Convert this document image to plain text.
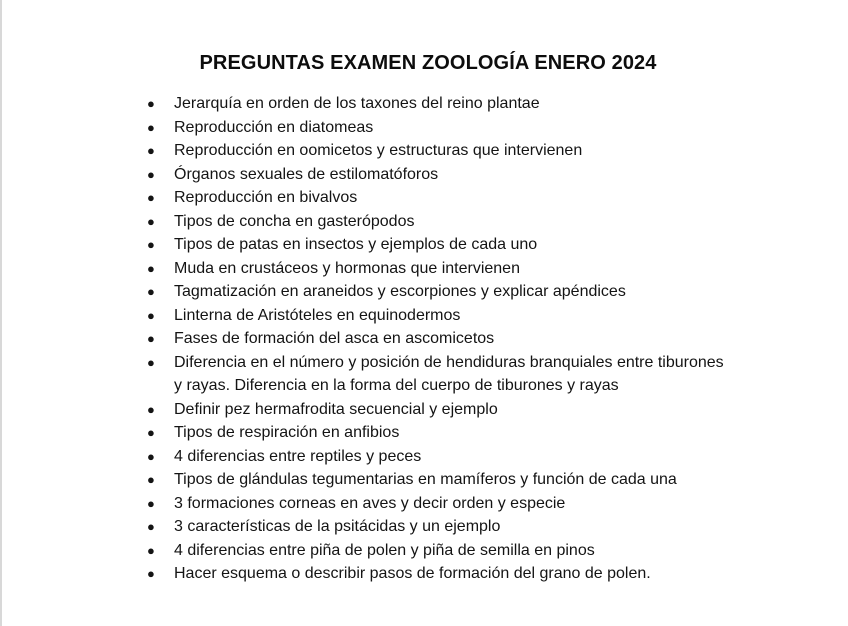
PREGUNTAS EXAMEN ZOOLOGÍA ENERO 2024
● Jerarquía en orden de los taxones del reino plantae
● Reproducción en diatomeas
● Reproducción en oomicetos y estructuras que intervienen
● Órganos sexuales de estilomatóforos
● Reproducción en bivalvos
● Tipos de concha en gasterópodos
● Tipos de patas en insectos y ejemplos de cada uno
● Muda en crustáceos y hormonas que intervienen
● Tagmatización en araneidos y escorpiones y explicar apéndices
● Linterna de Aristóteles en equinodermos
● Fases de formación del asca en ascomicetos
● Diferencia en el número y posición de hendiduras branquiales entre tiburones
y rayas. Diferencia en la forma del cuerpo de tiburones y rayas
● Definir pez hermafrodita secuencial y ejemplo
● Tipos de respiración en anfibios
● 4 diferencias entre reptiles y peces
● Tipos de glándulas tegumentarias en mamíferos y función de cada una
● 3 formaciones corneas en aves y decir orden y especie
● 3 características de la psitácidas y un ejemplo
● 4 diferencias entre piña de polen y piña de semilla en pinos
● Hacer esquema o describir pasos de formación del grano de polen.
